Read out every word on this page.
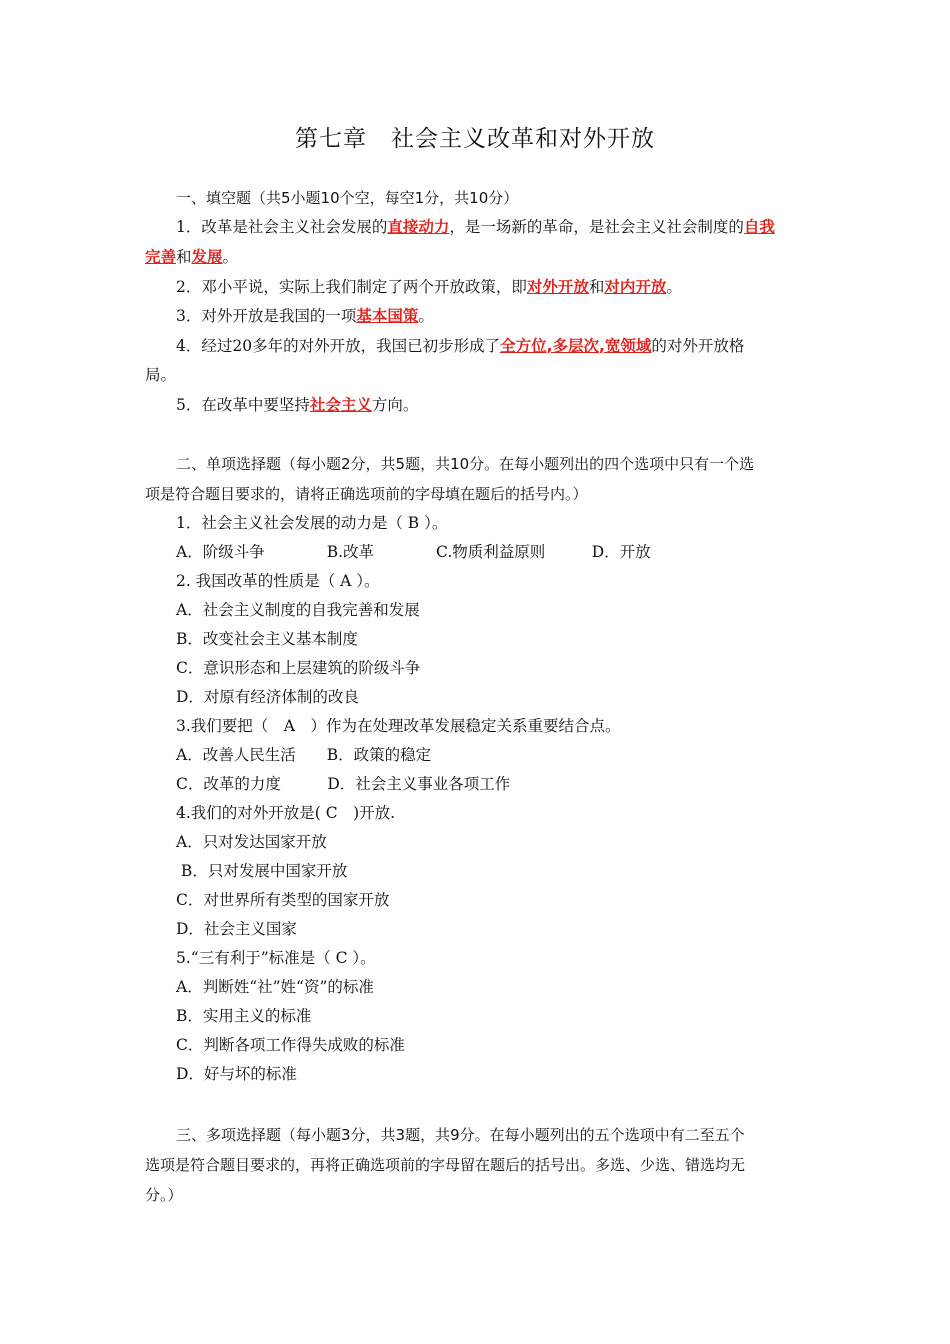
第七章　社会主义改革和对外开放
一、填空题（共5小题10个空，每空1分，共10分）
1．改革是社会主义社会发展的直接动力，是一场新的革命，是社会主义社会制度的自我
完善和发展。
2．邓小平说，实际上我们制定了两个开放政策，即对外开放和对内开放。
3．对外开放是我国的一项基本国策。
4．经过20多年的对外开放，我国已初步形成了全方位,多层次,宽领域的对外开放格
局。
5．在改革中要坚持社会主义方向。
二、单项选择题（每小题2分，共5题，共10分。在每小题列出的四个选项中只有一个选
项是符合题目要求的，请将正确选项前的字母填在题后的括号内。）
1．社会主义社会发展的动力是（ B ）。
A．阶级斗争　　　　B.改革　　　　C.物质利益原则　　　D．开放
2. 我国改革的性质是（ A ）。
A．社会主义制度的自我完善和发展
B．改变社会主义基本制度
C．意识形态和上层建筑的阶级斗争
D．对原有经济体制的改良
3.我们要把（　A　）作为在处理改革发展稳定关系重要结合点。
A．改善人民生活　　B．政策的稳定
C．改革的力度　　　D．社会主义事业各项工作
4.我们的对外开放是( C　)开放.
A．只对发达国家开放
B．只对发展中国家开放
C．对世界所有类型的国家开放
D．社会主义国家
5.“三有利于”标准是（ C ）。
A．判断姓“社”姓“资”的标准
B．实用主义的标准
C．判断各项工作得失成败的标准
D．好与坏的标准
三、多项选择题（每小题3分，共3题，共9分。在每小题列出的五个选项中有二至五个
选项是符合题目要求的，再将正确选项前的字母留在题后的括号出。多选、少选、错选均无
分。）
